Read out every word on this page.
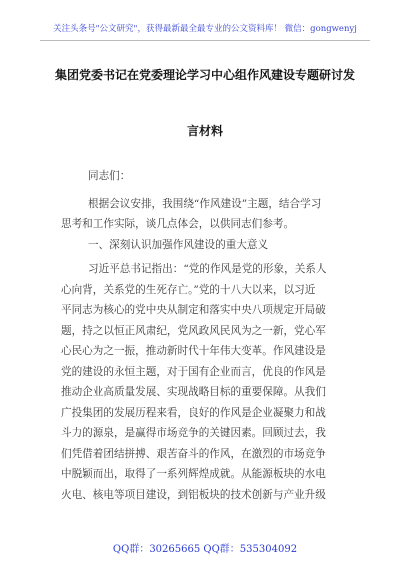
关注头条号"公文研究"，获得最新最全最专业的公文资料库！ 微信：gongwenyj
集团党委书记在党委理论学习中心组作风建设专题研讨发
言材料
同志们：
根据会议安排，我围绕“作风建设”主题，结合学习
思考和工作实际，谈几点体会，以供同志们参考。
一、深刻认识加强作风建设的重大意义
习近平总书记指出：“党的作风是党的形象，关系人
心向背，关系党的生死存亡。”党的十八大以来，以习近
平同志为核心的党中央从制定和落实中央八项规定开局破
题，持之以恒正风肃纪，党风政风民风为之一新，党心军
心民心为之一振，推动新时代十年伟大变革。作风建设是
党的建设的永恒主题，对于国有企业而言，优良的作风是
推动企业高质量发展、实现战略目标的重要保障。从我们
广投集团的发展历程来看，良好的作风是企业凝聚力和战
斗力的源泉，是赢得市场竞争的关键因素。回顾过去，我
们凭借着团结拼搏、艰苦奋斗的作风，在激烈的市场竞争
中脱颖而出，取得了一系列辉煌成就。从能源板块的水电
火电、核电等项目建设，到铝板块的技术创新与产业升级
QQ群：30265665 QQ群：535304092
